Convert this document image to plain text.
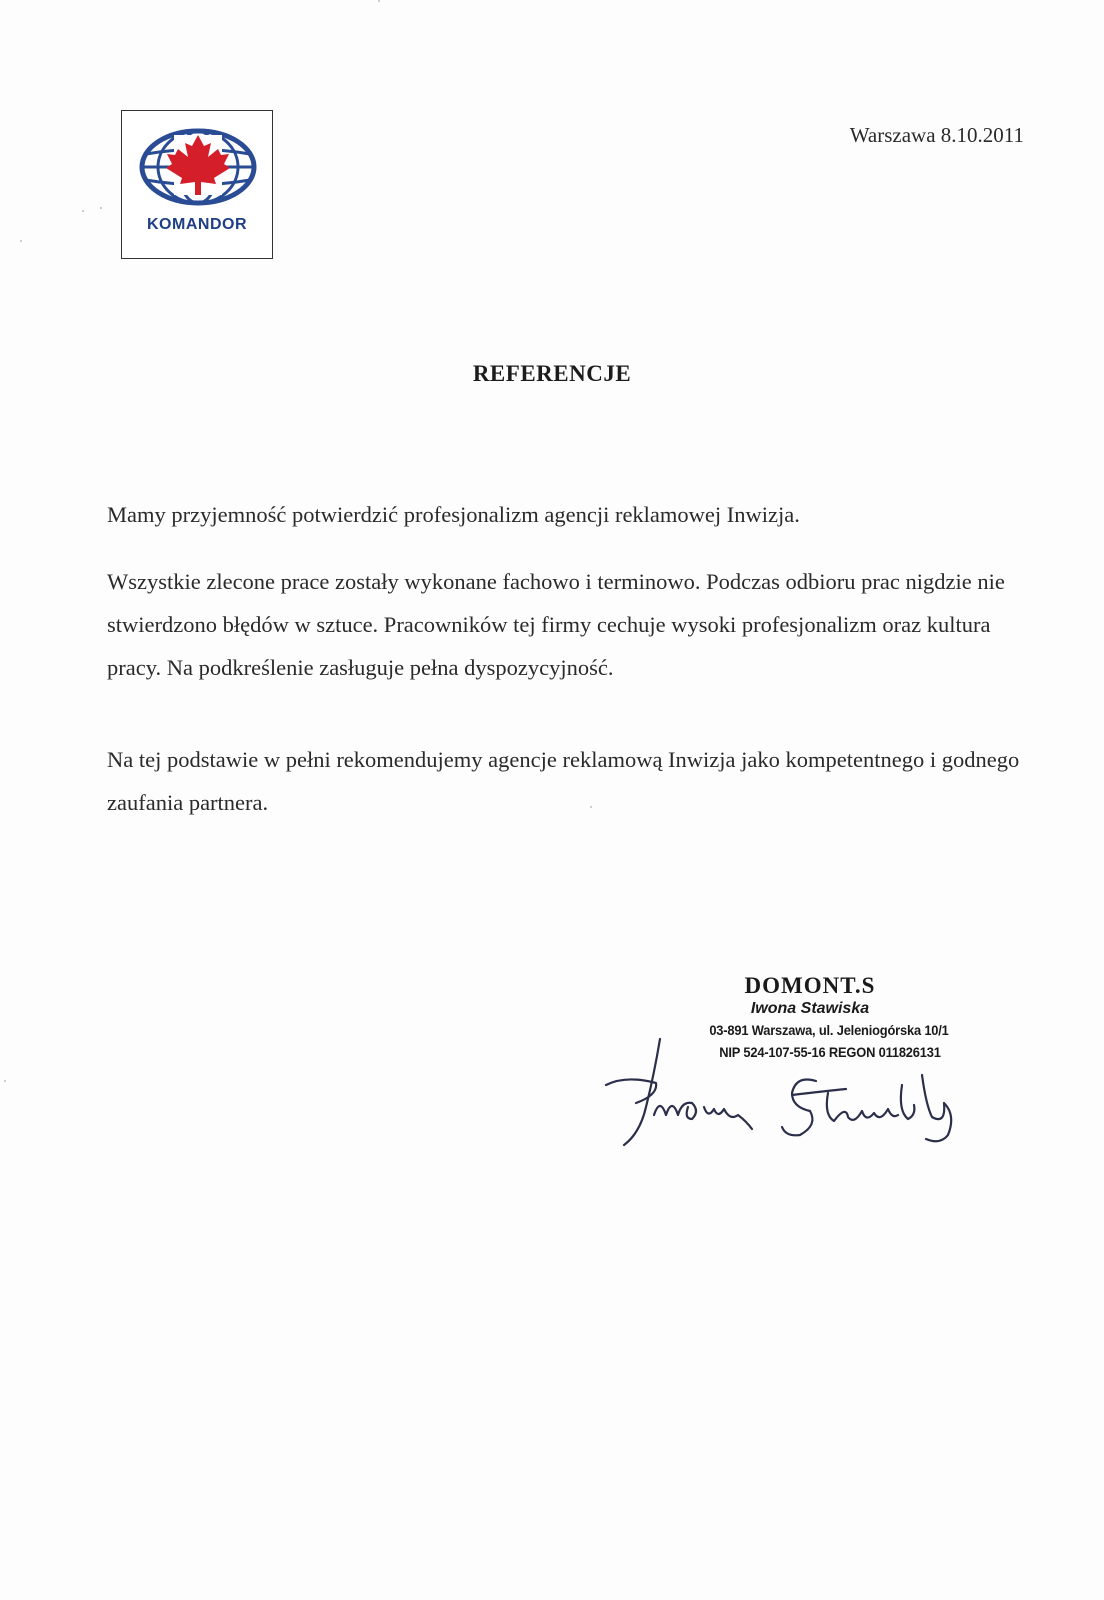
KOMANDOR
Warszawa 8.10.2011
REFERENCJE

Mamy przyjemność potwierdzić profesjonalizm agencji reklamowej Inwizja.

Wszystkie zlecone prace zostały wykonane fachowo i terminowo. Podczas odbioru prac nigdzie nie stwierdzono błędów w sztuce. Pracowników tej firmy cechuje wysoki profesjonalizm oraz kultura pracy. Na podkreślenie zasługuje pełna dyspozycyjność.

Na tej podstawie w pełni rekomendujemy agencje reklamową Inwizja jako kompetentnego i godnego zaufania partnera.

DOMONT.S
Iwona Stawiska
03-891 Warszawa, ul. Jeleniogórska 10/1
NIP 524-107-55-16 REGON 011826131
